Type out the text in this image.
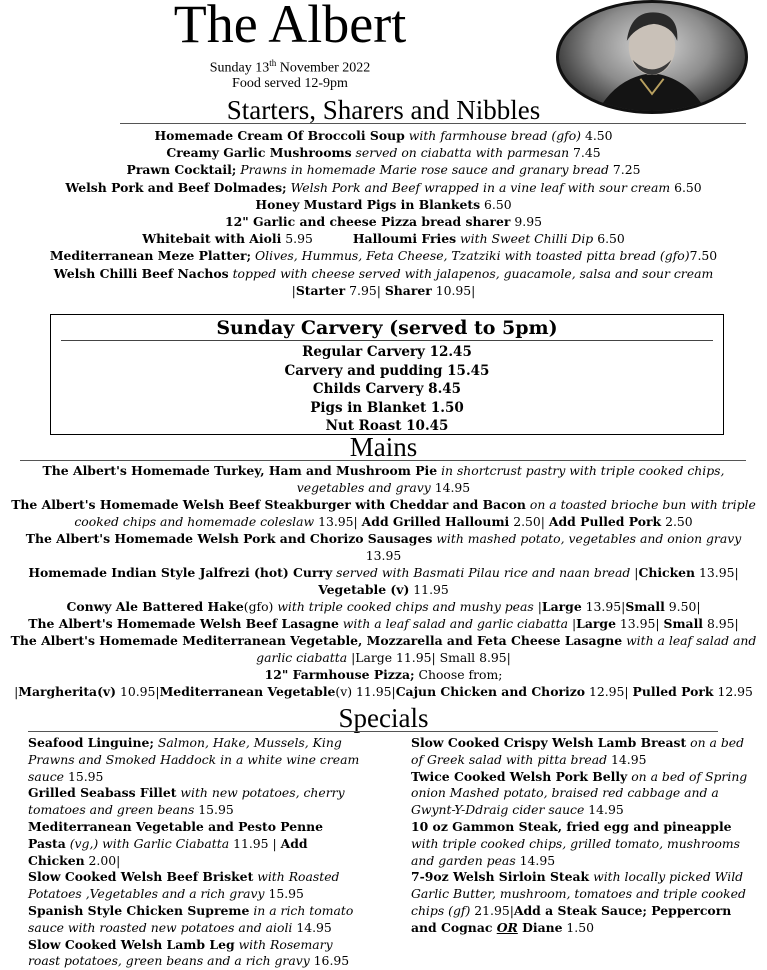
The Albert
Sunday 13th November 2022
Food served 12-9pm
Starters, Sharers and Nibbles
Homemade Cream Of Broccoli Soup with farmhouse bread (gfo) 4.50
Creamy Garlic Mushrooms served on ciabatta with parmesan 7.45
Prawn Cocktail; Prawns in homemade Marie rose sauce and granary bread 7.25
Welsh Pork and Beef Dolmades; Welsh Pork and Beef wrapped in a vine leaf with sour cream 6.50
Honey Mustard Pigs in Blankets 6.50
12" Garlic and cheese Pizza bread sharer 9.95
Whitebait with Aioli 5.95	Halloumi Fries with Sweet Chilli Dip 6.50
Mediterranean Meze Platter; Olives, Hummus, Feta Cheese, Tzatziki with toasted pitta bread (gfo)7.50
Welsh Chilli Beef Nachos topped with cheese served with jalapenos, guacamole, salsa and sour cream
|Starter 7.95| Sharer 10.95|
Sunday Carvery (served to 5pm)
Regular Carvery 12.45
Carvery and pudding 15.45
Childs Carvery 8.45
Pigs in Blanket 1.50
Nut Roast 10.45
Mains
The Albert's Homemade Turkey, Ham and Mushroom Pie in shortcrust pastry with triple cooked chips,
vegetables and gravy 14.95
The Albert's Homemade Welsh Beef Steakburger with Cheddar and Bacon on a toasted brioche bun with triple
cooked chips and homemade coleslaw 13.95| Add Grilled Halloumi 2.50| Add Pulled Pork 2.50
The Albert's Homemade Welsh Pork and Chorizo Sausages with mashed potato, vegetables and onion gravy 13.95
Homemade Indian Style Jalfrezi (hot) Curry served with Basmati Pilau rice and naan bread |Chicken 13.95|
Vegetable (v) 11.95
Conwy Ale Battered Hake(gfo) with triple cooked chips and mushy peas |Large 13.95|Small 9.50|
The Albert's Homemade Welsh Beef Lasagne with a leaf salad and garlic ciabatta |Large 13.95| Small 8.95|
The Albert's Homemade Mediterranean Vegetable, Mozzarella and Feta Cheese Lasagne with a leaf salad and
garlic ciabatta |Large 11.95| Small 8.95|
12" Farmhouse Pizza; Choose from;
|Margherita(v) 10.95|Mediterranean Vegetable(v) 11.95|Cajun Chicken and Chorizo 12.95| Pulled Pork 12.95
Specials
Seafood Linguine; Salmon, Hake, Mussels, King Prawns and Smoked Haddock in a white wine cream sauce 15.95
Grilled Seabass Fillet with new potatoes, cherry tomatoes and green beans 15.95
Mediterranean Vegetable and Pesto Penne Pasta (vg,) with Garlic Ciabatta 11.95 | Add Chicken 2.00|
Slow Cooked Welsh Beef Brisket with Roasted Potatoes ,Vegetables and a rich gravy 15.95
Spanish Style Chicken Supreme in a rich tomato sauce with roasted new potatoes and aioli 14.95
Slow Cooked Welsh Lamb Leg with Rosemary roast potatoes, green beans and a rich gravy 16.95
Slow Cooked Crispy Welsh Lamb Breast on a bed of Greek salad with pitta bread 14.95
Twice Cooked Welsh Pork Belly on a bed of Spring onion Mashed potato, braised red cabbage and a Gwynt-Y-Ddraig cider sauce 14.95
10 oz Gammon Steak, fried egg and pineapple with triple cooked chips, grilled tomato, mushrooms and garden peas 14.95
7-9oz Welsh Sirloin Steak with locally picked Wild Garlic Butter, mushroom, tomatoes and triple cooked chips (gf) 21.95|Add a Steak Sauce; Peppercorn and Cognac OR Diane 1.50
